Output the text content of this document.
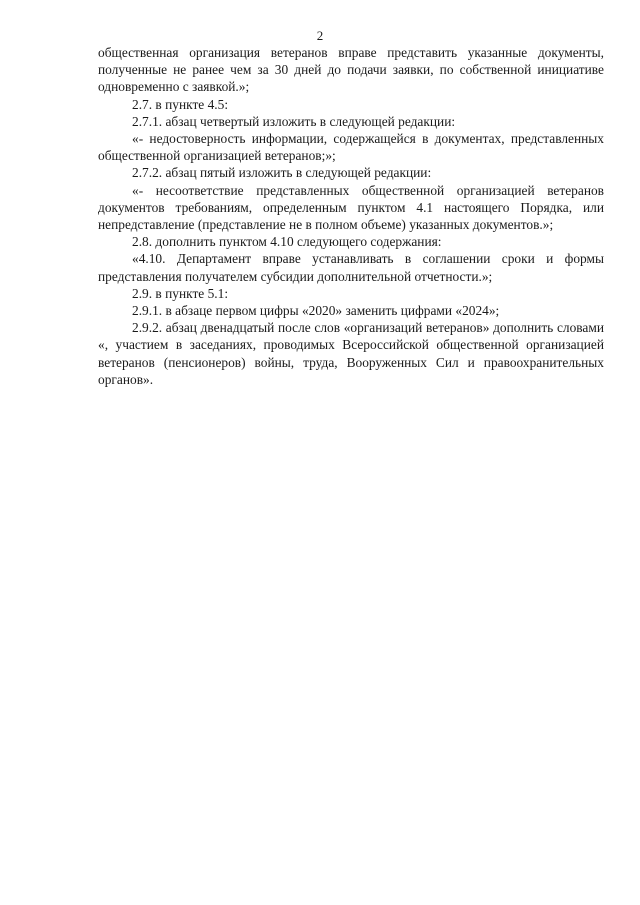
2

общественная организация ветеранов вправе представить указанные документы, полученные не ранее чем за 30 дней до подачи заявки, по собственной инициативе одновременно с заявкой.»;

2.7. в пункте 4.5:

2.7.1. абзац четвертый изложить в следующей редакции:

«- недостоверность информации, содержащейся в документах, представленных общественной организацией ветеранов;»;

2.7.2. абзац пятый изложить в следующей редакции:

«- несоответствие представленных общественной организацией ветеранов документов требованиям, определенным пунктом 4.1 настоящего Порядка, или непредставление (представление не в полном объеме) указанных документов.»;

2.8. дополнить пунктом 4.10 следующего содержания:

«4.10. Департамент вправе устанавливать в соглашении сроки и формы представления получателем субсидии дополнительной отчетности.»;

2.9. в пункте 5.1:

2.9.1. в абзаце первом цифры «2020» заменить цифрами «2024»;

2.9.2. абзац двенадцатый после слов «организаций ветеранов» дополнить словами «, участием в заседаниях, проводимых Всероссийской общественной организацией ветеранов (пенсионеров) войны, труда, Вооруженных Сил и правоохранительных органов».
